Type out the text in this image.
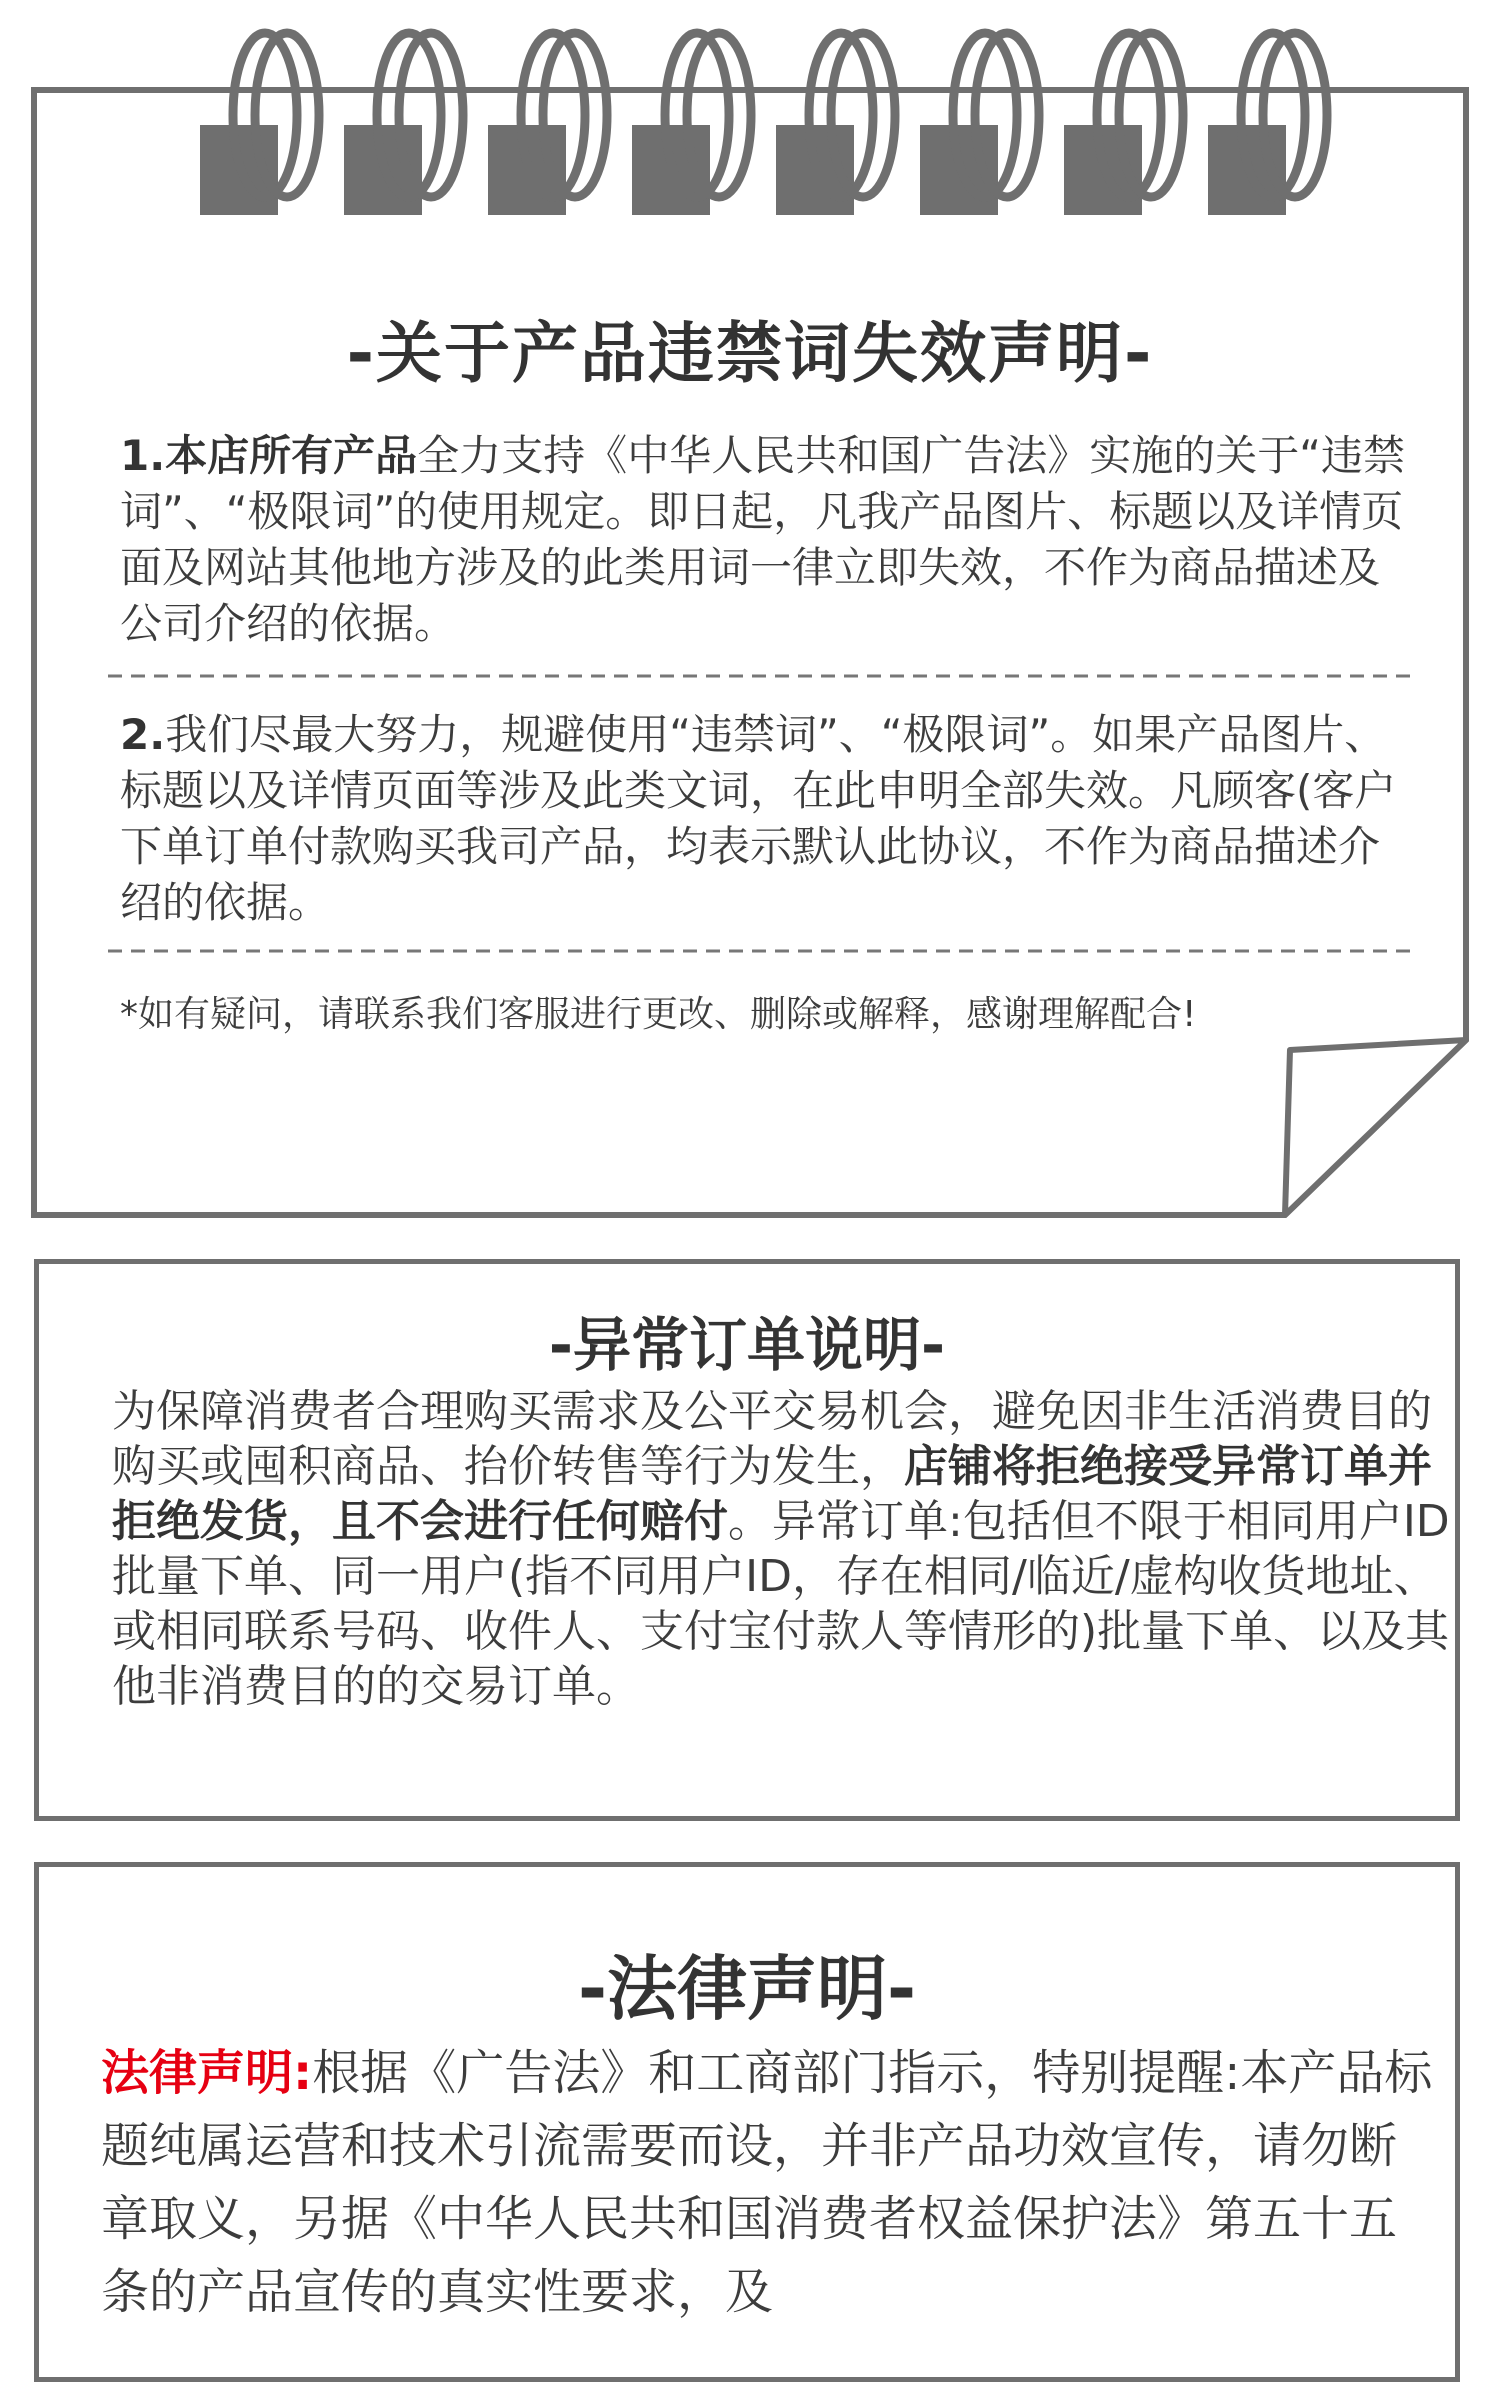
-关于产品违禁词失效声明-
1.本店所有产品全力支持《中华人民共和国广告法》实施的关于“违禁词”、“极限词”的使用规定。即日起，凡我产品图片、标题以及详情页面及网站其他地方涉及的此类用词一律立即失效，不作为商品描述及公司介绍的依据。
2.我们尽最大努力，规避使用“违禁词”、“极限词”。如果产品图片、标题以及详情页面等涉及此类文词，在此申明全部失效。凡顾客(客户下单订单付款购买我司产品，均表示默认此协议，不作为商品描述介绍的依据。
*如有疑问，请联系我们客服进行更改、删除或解释，感谢理解配合!
-异常订单说明-
为保障消费者合理购买需求及公平交易机会，避免因非生活消费目的购买或囤积商品、抬价转售等行为发生，店铺将拒绝接受异常订单并拒绝发货，且不会进行任何赔付。异常订单:包括但不限于相同用户ID批量下单、同一用户(指不同用户ID，存在相同/临近/虚构收货地址、或相同联系号码、收件人、支付宝付款人等情形的)批量下单、以及其他非消费目的的交易订单。
-法律声明-
法律声明:根据《广告法》和工商部门指示，特别提醒:本产品标题纯属运营和技术引流需要而设，并非产品功效宣传，请勿断章取义，另据《中华人民共和国消费者权益保护法》第五十五条的产品宣传的真实性要求，及
